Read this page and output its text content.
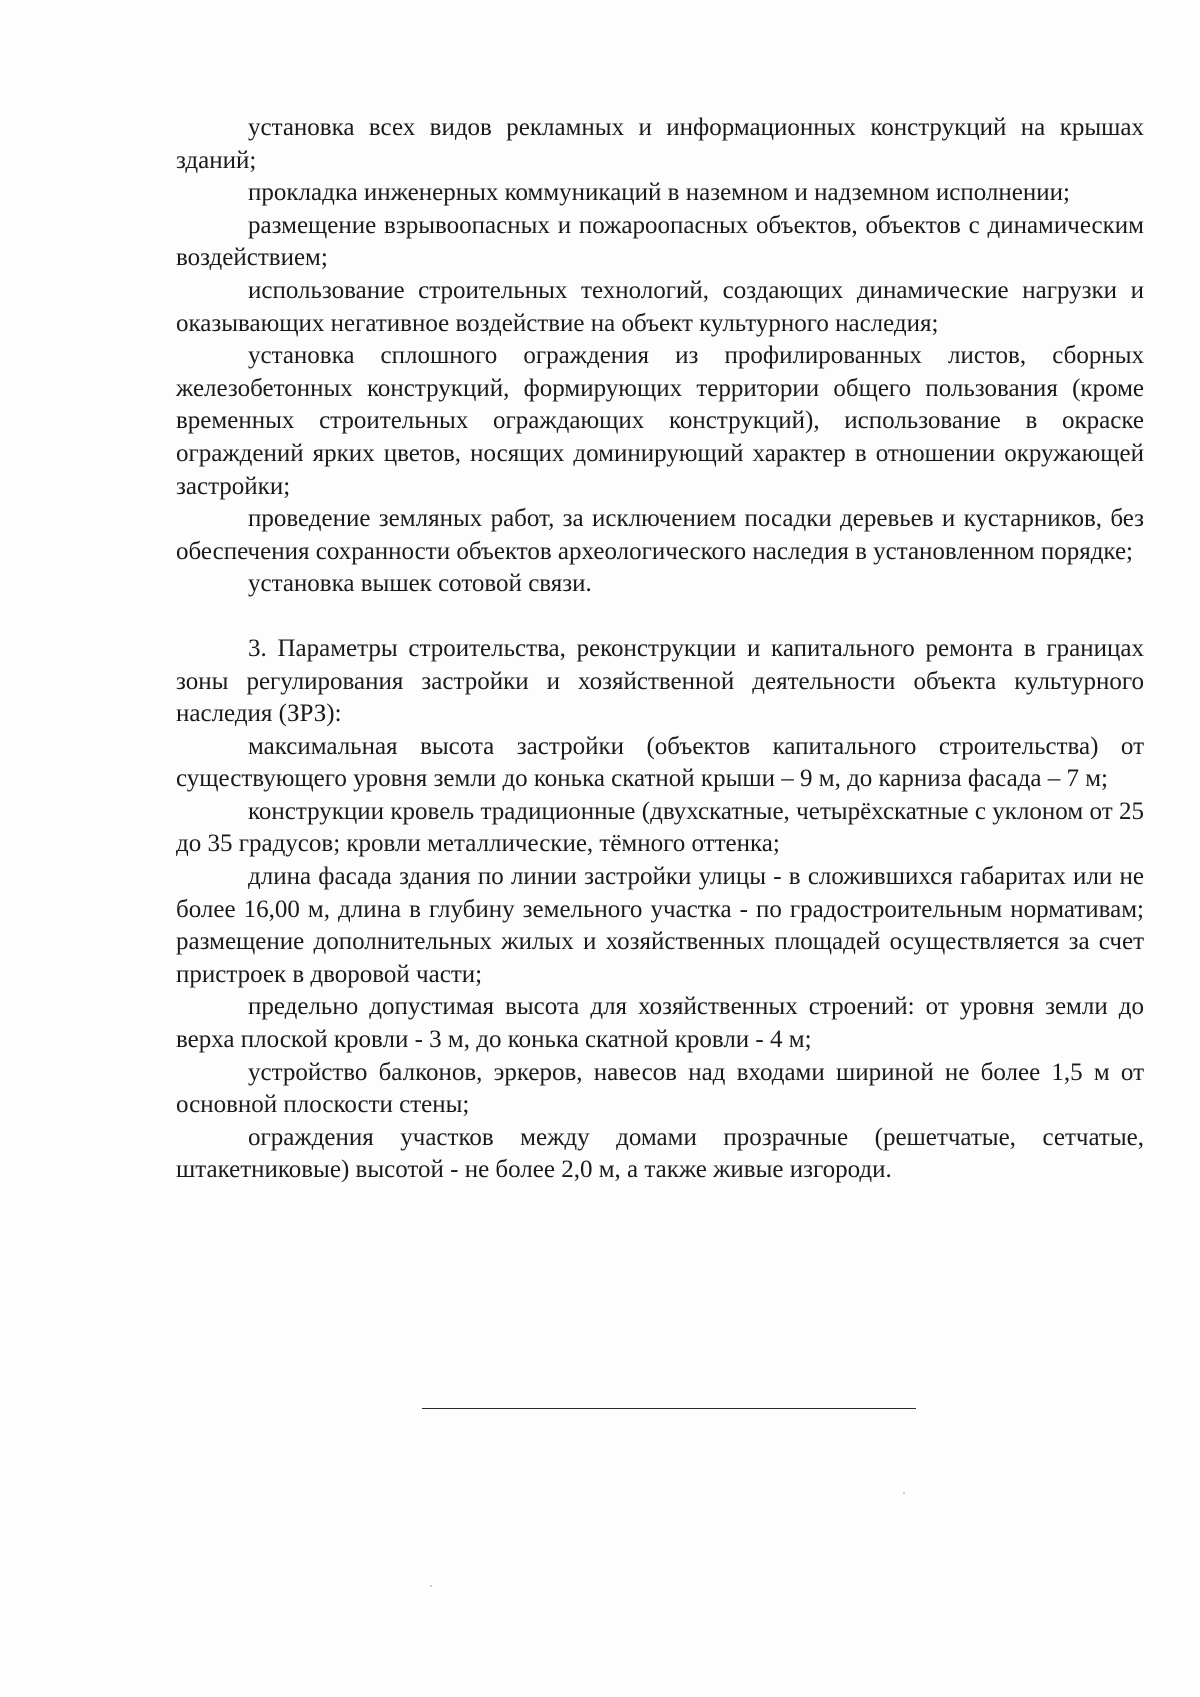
установка всех видов рекламных и информационных конструкций на крышах зданий;

прокладка инженерных коммуникаций в наземном и надземном исполнении;

размещение взрывоопасных и пожароопасных объектов, объектов с динамическим воздействием;

использование строительных технологий, создающих динамические нагрузки и оказывающих негативное воздействие на объект культурного наследия;

установка сплошного ограждения из профилированных листов, сборных железобетонных конструкций, формирующих территории общего пользования (кроме временных строительных ограждающих конструкций), использование в окраске ограждений ярких цветов, носящих доминирующий характер в отношении окружающей застройки;

проведение земляных работ, за исключением посадки деревьев и кустарников, без обеспечения сохранности объектов археологического наследия в установленном порядке;

установка вышек сотовой связи.

3. Параметры строительства, реконструкции и капитального ремонта в границах зоны регулирования застройки и хозяйственной деятельности объекта культурного наследия (ЗРЗ):

максимальная высота застройки (объектов капитального строительства) от существующего уровня земли до конька скатной крыши – 9 м, до карниза фасада – 7 м;

конструкции кровель традиционные (двухскатные, четырёхскатные с уклоном от 25 до 35 градусов; кровли металлические, тёмного оттенка;

длина фасада здания по линии застройки улицы - в сложившихся габаритах или не более 16,00 м, длина в глубину земельного участка - по градостроительным нормативам; размещение дополнительных жилых и хозяйственных площадей осуществляется за счет пристроек в дворовой части;

предельно допустимая высота для хозяйственных строений: от уровня земли до верха плоской кровли - 3 м, до конька скатной кровли - 4 м;

устройство балконов, эркеров, навесов над входами шириной не более 1,5 м от основной плоскости стены;

ограждения участков между домами прозрачные (решетчатые, сетчатые, штакетниковые) высотой - не более 2,0 м, а также живые изгороди.
